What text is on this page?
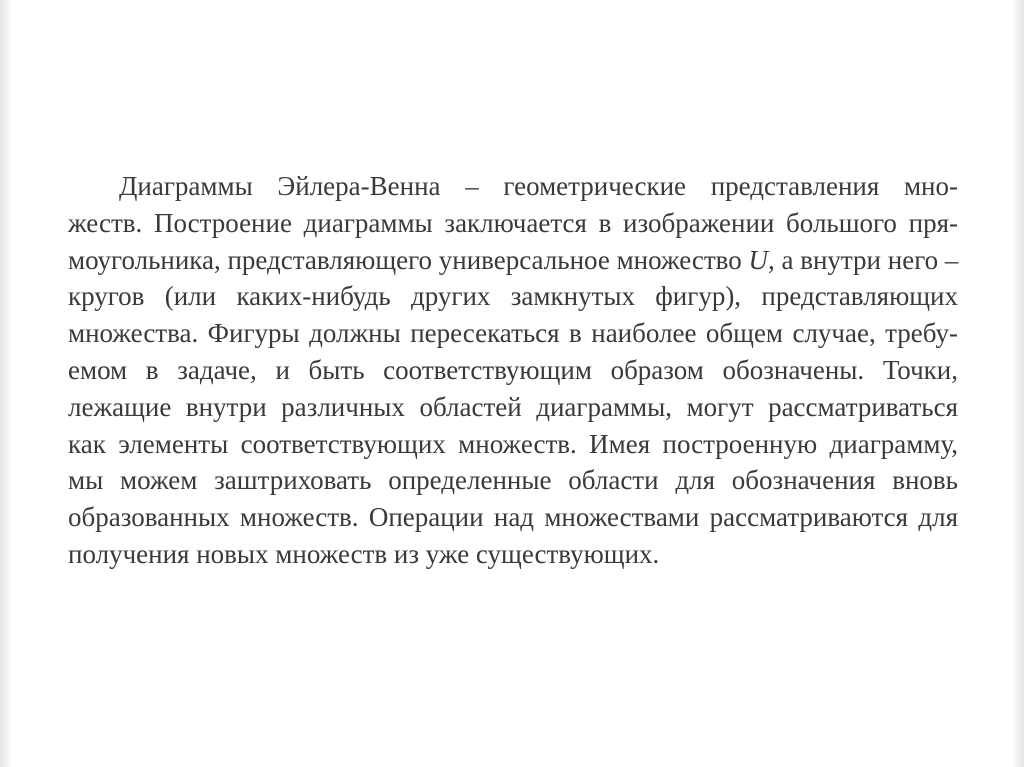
Диаграммы Эйлера-Венна – геометрические представления мно-
жеств. Построение диаграммы заключается в изображении большого пря-
моугольника, представляющего универсальное множество U, а внутри него –
кругов (или каких-нибудь других замкнутых фигур), представляющих
множества. Фигуры должны пересекаться в наиболее общем случае, требу-
емом в задаче, и быть соответствующим образом обозначены. Точки,
лежащие внутри различных областей диаграммы, могут рассматриваться
как элементы соответствующих множеств. Имея построенную диаграмму,
мы можем заштриховать определенные области для обозначения вновь
образованных множеств. Операции над множествами рассматриваются для
получения новых множеств из уже существующих.
